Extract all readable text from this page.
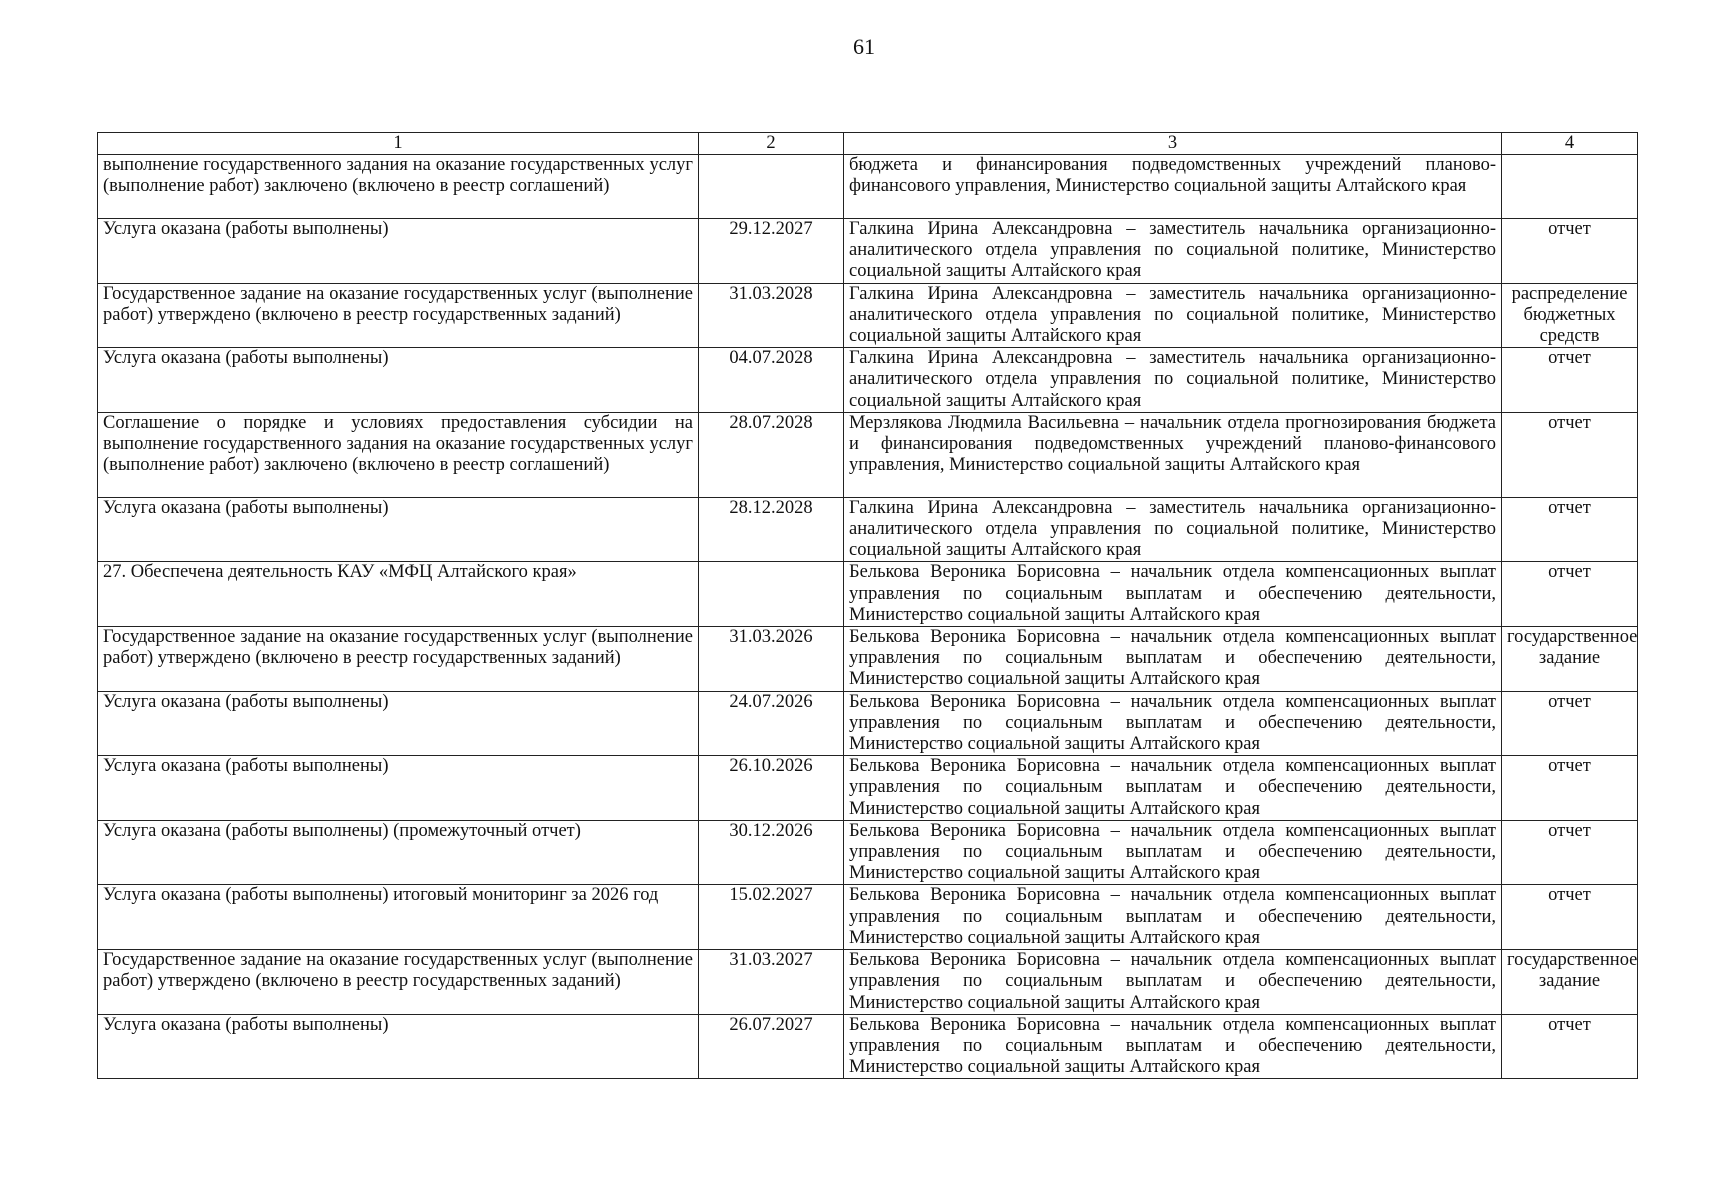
61
1	2	3	4
выполнение государственного задания на оказание государственных услуг (выполнение работ) заключено (включено в реестр соглашений)		бюджета и финансирования подведомственных учреждений планово-финансового управления, Министерство социальной защиты Алтайского края	
Услуга оказана (работы выполнены)	29.12.2027	Галкина Ирина Александровна – заместитель начальника организационно-аналитического отдела управления по социальной политике, Министерство социальной защиты Алтайского края	отчет
Государственное задание на оказание государственных услуг (выполнение работ) утверждено (включено в реестр государственных заданий)	31.03.2028	Галкина Ирина Александровна – заместитель начальника организационно-аналитического отдела управления по социальной политике, Министерство социальной защиты Алтайского края	распределение бюджетных средств
Услуга оказана (работы выполнены)	04.07.2028	Галкина Ирина Александровна – заместитель начальника организационно-аналитического отдела управления по социальной политике, Министерство социальной защиты Алтайского края	отчет
Соглашение о порядке и условиях предоставления субсидии на выполнение государственного задания на оказание государственных услуг (выполнение работ) заключено (включено в реестр соглашений)	28.07.2028	Мерзлякова Людмила Васильевна – начальник отдела прогнозирования бюджета и финансирования подведомственных учреждений планово-финансового управления, Министерство социальной защиты Алтайского края	отчет
Услуга оказана (работы выполнены)	28.12.2028	Галкина Ирина Александровна – заместитель начальника организационно-аналитического отдела управления по социальной политике, Министерство социальной защиты Алтайского края	отчет
27. Обеспечена деятельность КАУ «МФЦ Алтайского края»		Белькова Вероника Борисовна – начальник отдела компенсационных выплат управления по социальным выплатам и обеспечению деятельности, Министерство социальной защиты Алтайского края	отчет
Государственное задание на оказание государственных услуг (выполнение работ) утверждено (включено в реестр государственных заданий)	31.03.2026	Белькова Вероника Борисовна – начальник отдела компенсационных выплат управления по социальным выплатам и обеспечению деятельности, Министерство социальной защиты Алтайского края	государственное задание
Услуга оказана (работы выполнены)	24.07.2026	Белькова Вероника Борисовна – начальник отдела компенсационных выплат управления по социальным выплатам и обеспечению деятельности, Министерство социальной защиты Алтайского края	отчет
Услуга оказана (работы выполнены)	26.10.2026	Белькова Вероника Борисовна – начальник отдела компенсационных выплат управления по социальным выплатам и обеспечению деятельности, Министерство социальной защиты Алтайского края	отчет
Услуга оказана (работы выполнены) (промежуточный отчет)	30.12.2026	Белькова Вероника Борисовна – начальник отдела компенсационных выплат управления по социальным выплатам и обеспечению деятельности, Министерство социальной защиты Алтайского края	отчет
Услуга оказана (работы выполнены) итоговый мониторинг за 2026 год	15.02.2027	Белькова Вероника Борисовна – начальник отдела компенсационных выплат управления по социальным выплатам и обеспечению деятельности, Министерство социальной защиты Алтайского края	отчет
Государственное задание на оказание государственных услуг (выполнение работ) утверждено (включено в реестр государственных заданий)	31.03.2027	Белькова Вероника Борисовна – начальник отдела компенсационных выплат управления по социальным выплатам и обеспечению деятельности, Министерство социальной защиты Алтайского края	государственное задание
Услуга оказана (работы выполнены)	26.07.2027	Белькова Вероника Борисовна – начальник отдела компенсационных выплат управления по социальным выплатам и обеспечению деятельности, Министерство социальной защиты Алтайского края	отчет
